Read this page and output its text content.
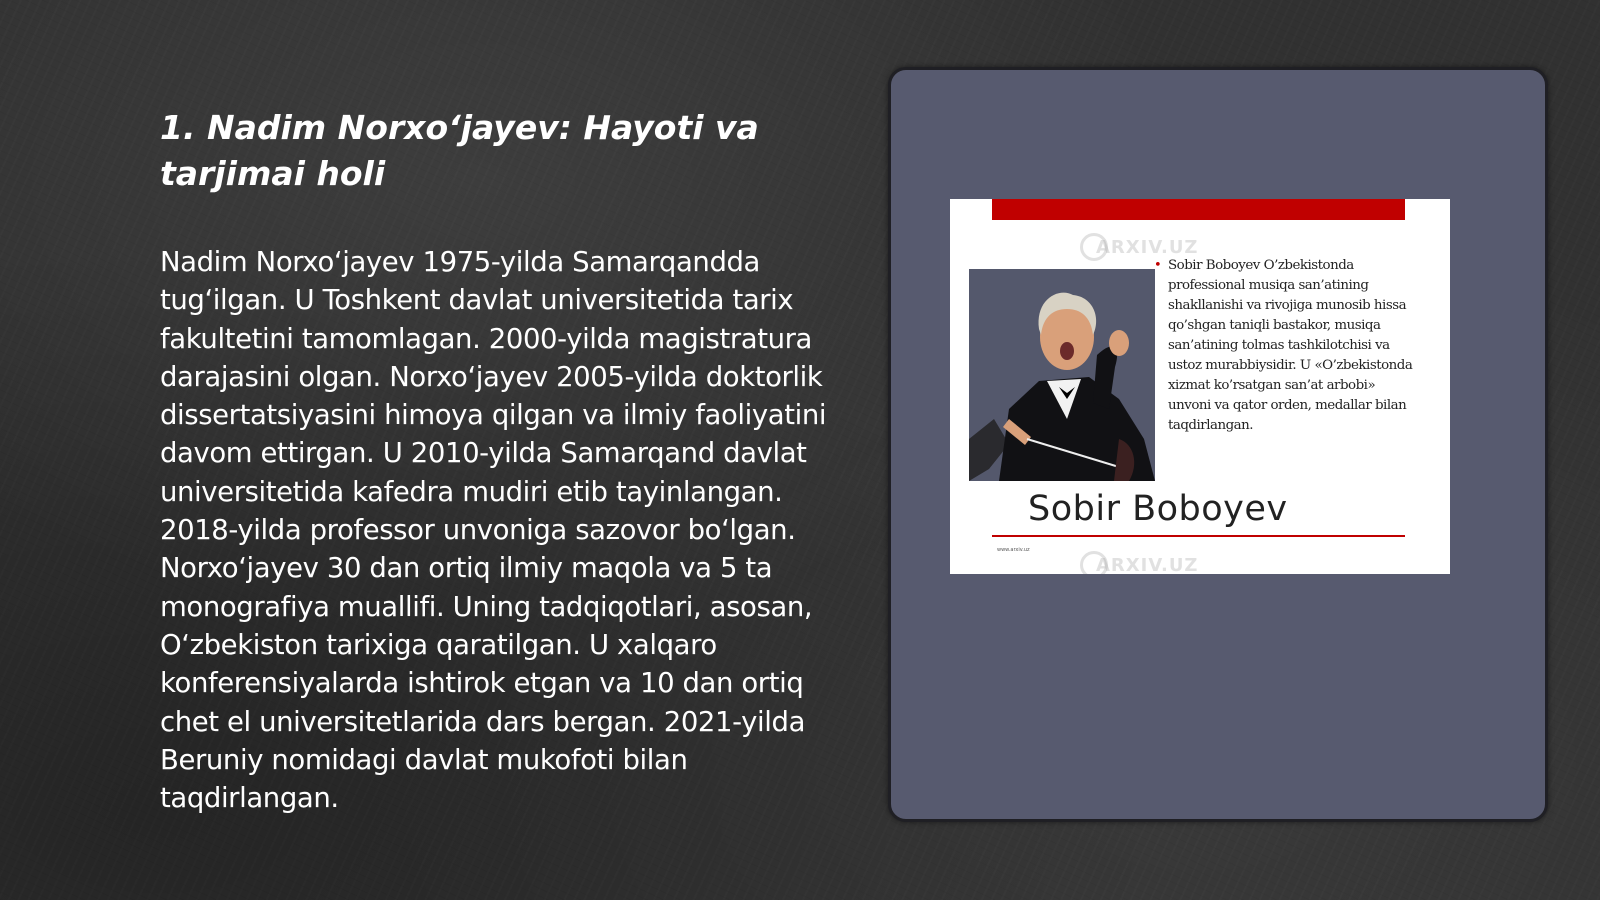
1. Nadim Norxo‘jayev: Hayoti va tarjimai holi

Nadim Norxo‘jayev 1975-yilda Samarqandda tug‘ilgan. U Toshkent davlat universitetida tarix fakultetini tamomlagan. 2000-yilda magistratura darajasini olgan. Norxo‘jayev 2005-yilda doktorlik dissertatsiyasini himoya qilgan va ilmiy faoliyatini davom ettirgan. U 2010-yilda Samarqand davlat universitetida kafedra mudiri etib tayinlangan. 2018-yilda professor unvoniga sazovor bo‘lgan. Norxo‘jayev 30 dan ortiq ilmiy maqola va 5 ta monografiya muallifi. Uning tadqiqotlari, asosan, O‘zbekiston tarixiga qaratilgan. U xalqaro konferensiyalarda ishtirok etgan va 10 dan ortiq chet el universitetlarida dars bergan. 2021-yilda Beruniy nomidagi davlat mukofoti bilan taqdirlangan.

ARXIV.UZ
ARXIV.UZ
• Sobir Boboyev O’zbekistonda professional musiqa san’atining shakllanishi va rivojiga munosib hissa qo’shgan taniqli bastakor, musiqa san’atining tolmas tashkilotchisi va ustoz murabbiysidir. U «O’zbekistonda xizmat ko’rsatgan san’at arbobi» unvoni va qator orden, medallar bilan taqdirlangan.
Sobir Boboyev
www.arxiv.uz
